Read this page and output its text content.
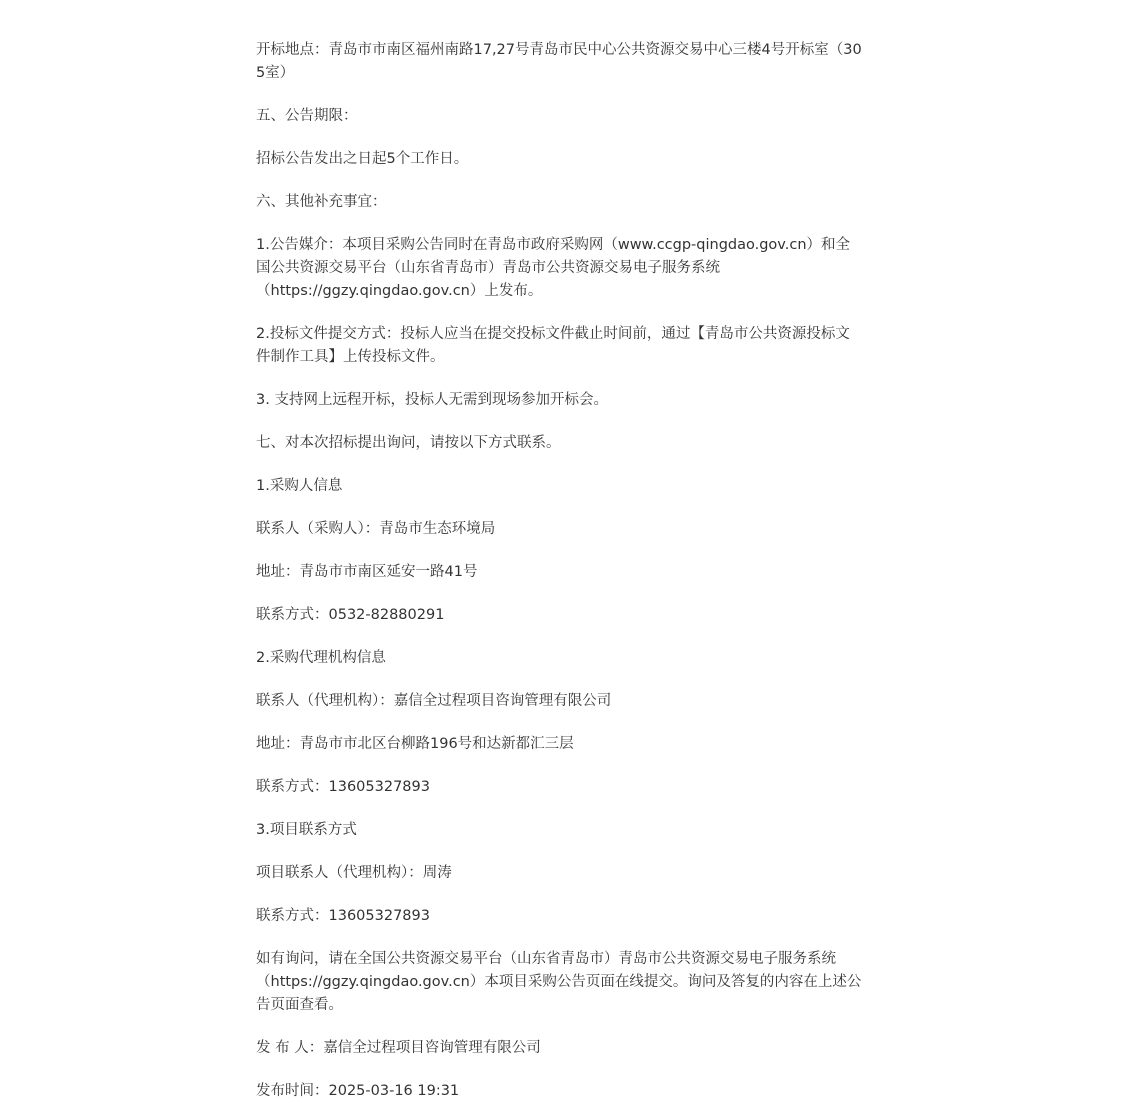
开标地点：青岛市市南区福州南路17,27号青岛市民中心公共资源交易中心三楼4号开标室（305室）

五、公告期限：

招标公告发出之日起5个工作日。

六、其他补充事宜：

1.公告媒介：本项目采购公告同时在青岛市政府采购网（www.ccgp-qingdao.gov.cn）和全国公共资源交易平台（山东省青岛市）青岛市公共资源交易电子服务系统
（https://ggzy.qingdao.gov.cn）上发布。

2.投标文件提交方式：投标人应当在提交投标文件截止时间前，通过【青岛市公共资源投标文件制作工具】上传投标文件。

3. 支持网上远程开标，投标人无需到现场参加开标会。

七、对本次招标提出询问，请按以下方式联系。

1.采购人信息

联系人（采购人）：青岛市生态环境局

地址：青岛市市南区延安一路41号

联系方式：0532-82880291

2.采购代理机构信息

联系人（代理机构）：嘉信全过程项目咨询管理有限公司

地址：青岛市市北区台柳路196号和达新都汇三层

联系方式：13605327893

3.项目联系方式

项目联系人（代理机构）：周涛

联系方式：13605327893

如有询问，请在全国公共资源交易平台（山东省青岛市）青岛市公共资源交易电子服务系统
（https://ggzy.qingdao.gov.cn）本项目采购公告页面在线提交。询问及答复的内容在上述公告页面查看。

发 布 人：嘉信全过程项目咨询管理有限公司

发布时间：2025-03-16 19:31
